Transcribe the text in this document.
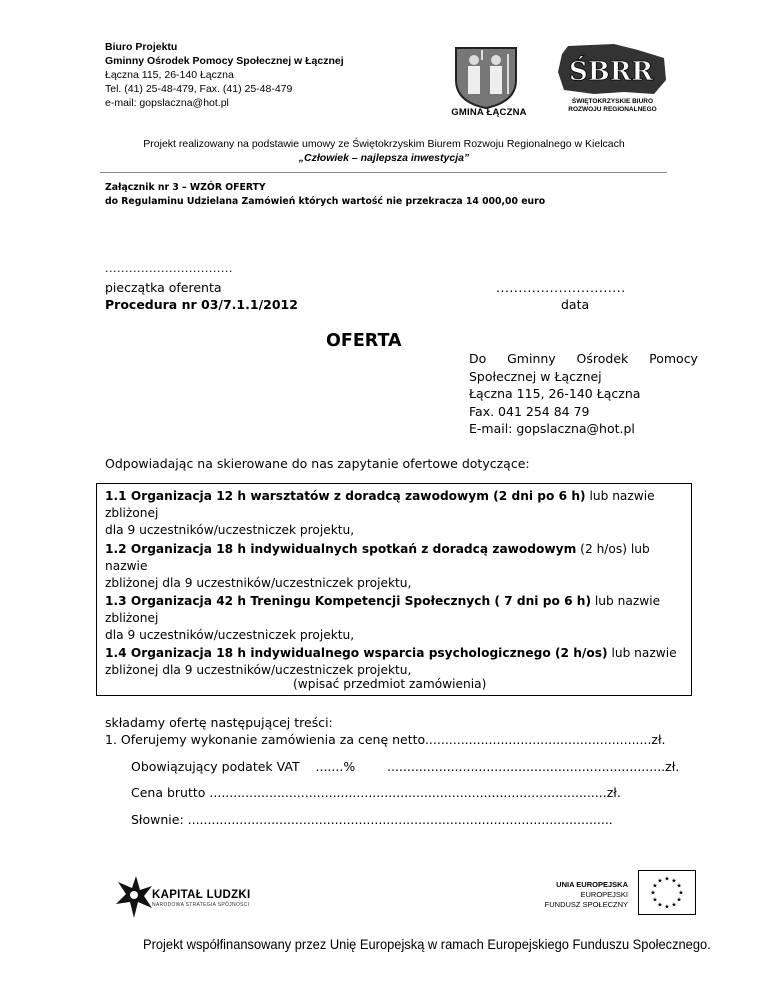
Biuro Projektu
Gminny Ośrodek Pomocy Społecznej w Łącznej
Łączna 115, 26-140 Łączna
Tel. (41) 25-48-479, Fax. (41) 25-48-479
e-mail: gopslaczna@hot.pl
GMINA ŁĄCZNA
ŚBRR
ŚWIĘTOKRZYSKIE BIURO
ROZWOJU REGIONALNEGO
Projekt realizowany na podstawie umowy ze Świętokrzyskim Biurem Rozwoju Regionalnego w Kielcach
„Człowiek – najlepsza inwestycja”
Załącznik nr 3 – WZÓR OFERTY
do Regulaminu Udzielana Zamówień których wartość nie przekracza 14 000,00 euro
................................
pieczątka oferenta
Procedura nr 03/7.1.1/2012
.............................
data
OFERTA
Do Gminny Ośrodek Pomocy
Społecznej w Łącznej
Łączna 115, 26-140 Łączna
Fax. 041 254 84 79
E-mail: gopslaczna@hot.pl
Odpowiadając na skierowane do nas zapytanie ofertowe dotyczące:
1.1 Organizacja 12 h warsztatów z doradcą zawodowym (2 dni po 6 h) lub nazwie zbliżonej
dla 9 uczestników/uczestniczek projektu,
1.2 Organizacja 18 h indywidualnych spotkań z doradcą zawodowym (2 h/os) lub nazwie
zbliżonej dla 9 uczestników/uczestniczek projektu,
1.3 Organizacja 42 h Treningu Kompetencji Społecznych ( 7 dni po 6 h) lub nazwie zbliżonej
dla 9 uczestników/uczestniczek projektu,
1.4 Organizacja 18 h indywidualnego wsparcia psychologicznego (2 h/os) lub nazwie
zbliżonej dla 9 uczestników/uczestniczek projektu,
(wpisać przedmiot zamówienia)
składamy ofertę następującej treści:
1. Oferujemy wykonanie zamówienia za cenę netto.........................................................zł.
Obowiązujący podatek VAT .......%	......................................................................zł.
Cena brutto ....................................................................................................zł.
Słownie: ...........................................................................................................
KAPITAŁ LUDZKI
NARODOWA STRATEGIA SPÓJNOŚCI
UNIA EUROPEJSKA
EUROPEJSKI
FUNDUSZ SPOŁECZNY
★ ★
★
★
★
★
★
★
★
★
★
★
Projekt współfinansowany przez Unię Europejską w ramach Europejskiego Funduszu Społecznego.
